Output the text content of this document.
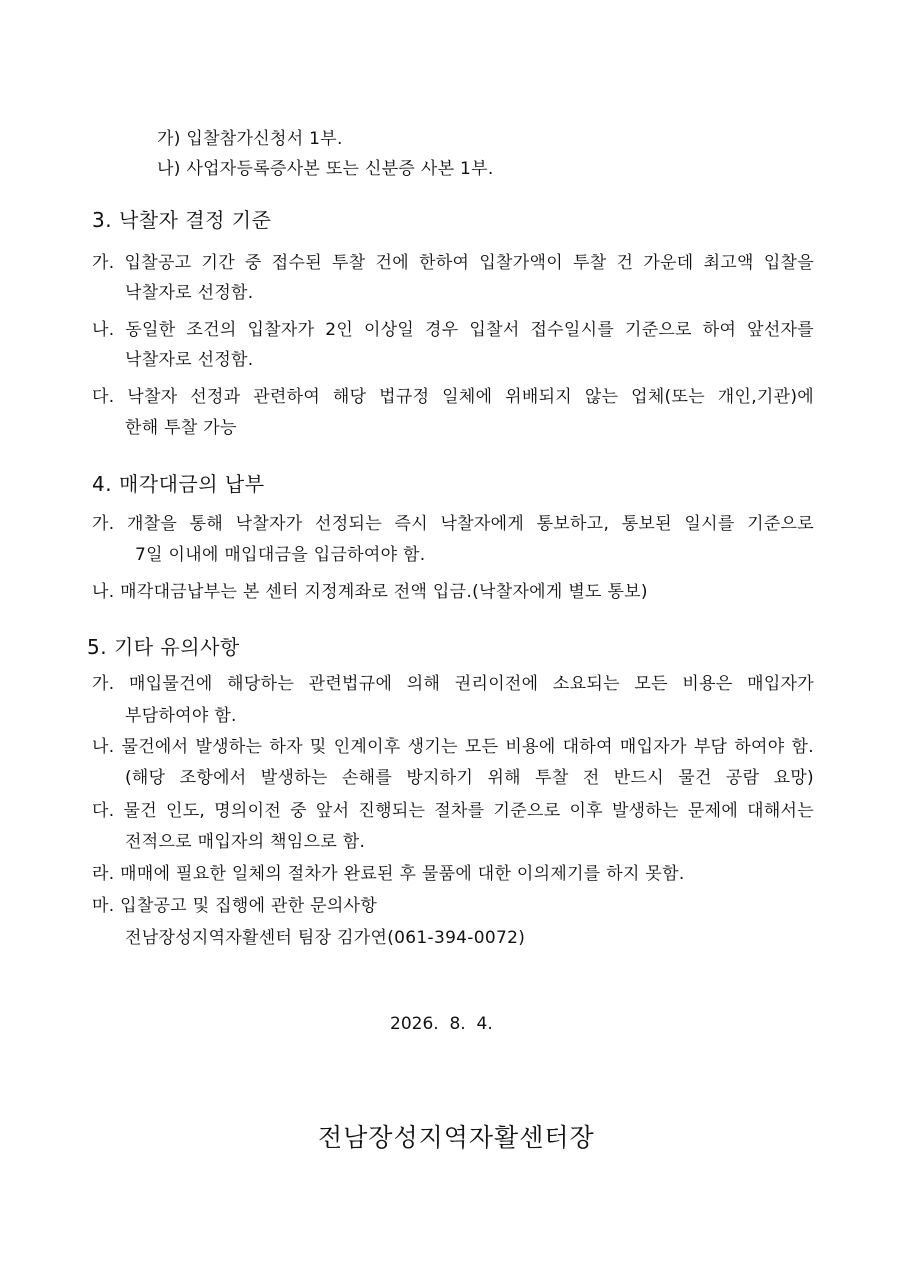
가) 입찰참가신청서 1부.
나) 사업자등록증사본 또는 신분증 사본 1부.
3. 낙찰자 결정 기준
가. 입찰공고 기간 중 접수된 투찰 건에 한하여 입찰가액이 투찰 건 가운데 최고액 입찰을
낙찰자로 선정함.
나. 동일한 조건의 입찰자가 2인 이상일 경우 입찰서 접수일시를 기준으로 하여 앞선자를
낙찰자로 선정함.
다. 낙찰자 선정과 관련하여 해당 법규정 일체에 위배되지 않는 업체(또는 개인,기관)에
한해 투찰 가능
4. 매각대금의 납부
가. 개찰을 통해 낙찰자가 선정되는 즉시 낙찰자에게 통보하고, 통보된 일시를 기준으로
7일 이내에 매입대금을 입금하여야 함.
나. 매각대금납부는 본 센터 지정계좌로 전액 입금.(낙찰자에게 별도 통보)
5. 기타 유의사항
가. 매입물건에 해당하는 관련법규에 의해 권리이전에 소요되는 모든 비용은 매입자가
부담하여야 함.
나. 물건에서 발생하는 하자 및 인계이후 생기는 모든 비용에 대하여 매입자가 부담 하여야 함.
(해당 조항에서 발생하는 손해를 방지하기 위해 투찰 전 반드시 물건 공람 요망)
다. 물건 인도, 명의이전 중 앞서 진행되는 절차를 기준으로 이후 발생하는 문제에 대해서는
전적으로 매입자의 책임으로 함.
라. 매매에 필요한 일체의 절차가 완료된 후 물품에 대한 이의제기를 하지 못함.
마. 입찰공고 및 집행에 관한 문의사항
전남장성지역자활센터 팀장 김가연(061-394-0072)
2026.  8.  4.
전남장성지역자활센터장
